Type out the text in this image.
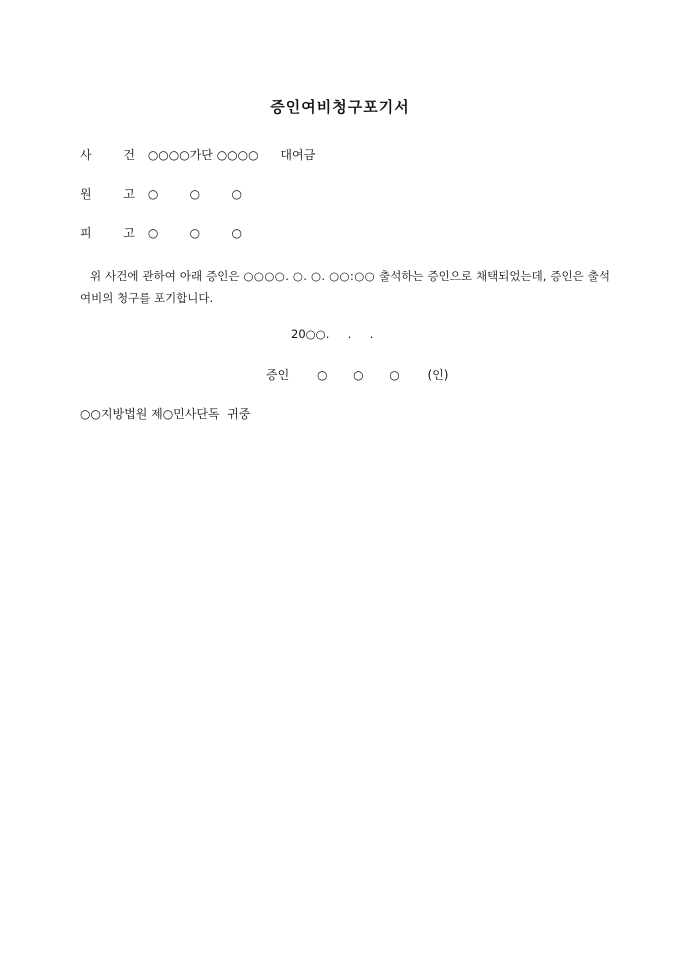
증인여비청구포기서
사 건 ○○○○가단 ○○○○ 대여금
원 고 ○	○	○
피 고 ○	○	○
위 사건에 관하여 아래 증인은 ○○○○. ○. ○. ○○:○○ 출석하는 증인으로 채택되었는데, 증인은 출석여비의 청구를 포기합니다.
20○○.     .     .
증인 ○  ○  ○ (인)
○○지방법원 제○민사단독  귀중
